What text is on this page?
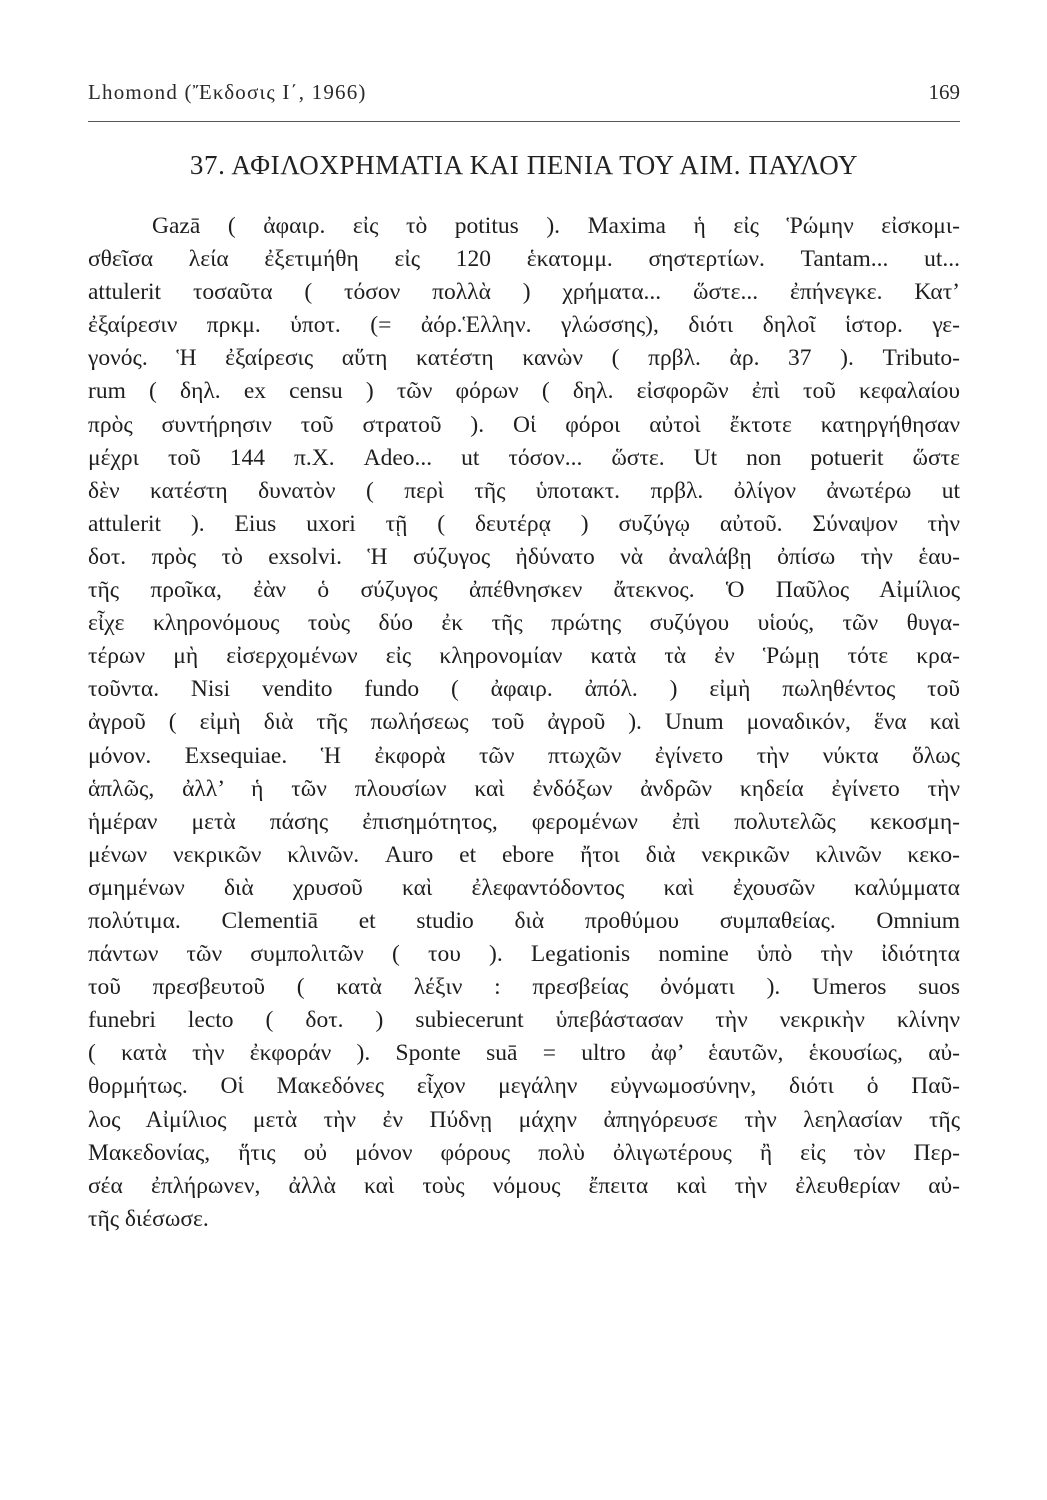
Lhomond (Ἔκδοσις Ι΄, 1966)	169
37. ΑΦΙΛΟΧΡΗΜΑΤΙΑ ΚΑΙ ΠΕΝΙΑ ΤΟΥ ΑΙΜ. ΠΑΥΛΟΥ
Gazā ( ἀφαιρ. εἰς τὸ potitus ). Maxima ἡ εἰς Ῥώμην εἰσκομι-
σθεῖσα λεία ἐξετιμήθη εἰς 120 ἑκατομμ. σηστερτίων. Tantam... ut...
attulerit τοσαῦτα ( τόσον πολλὰ ) χρήματα... ὥστε... ἐπήνεγκε. Κατ’
ἐξαίρεσιν πρκμ. ὑποτ. (= ἀόρ.Ἑλλην. γλώσσης), διότι δηλοῖ ἱστορ. γε-
γονός. Ἡ ἐξαίρεσις αὕτη κατέστη κανὼν ( πρβλ. ἀρ. 37 ). Tributo-
rum ( δηλ. ex censu ) τῶν φόρων ( δηλ. εἰσφορῶν ἐπὶ τοῦ κεφαλαίου
πρὸς συντήρησιν τοῦ στρατοῦ ). Οἱ φόροι αὐτοὶ ἔκτοτε κατηργήθησαν
μέχρι τοῦ 144 π.Χ. Adeo... ut τόσον... ὥστε. Ut non potuerit ὥστε
δὲν κατέστη δυνατὸν ( περὶ τῆς ὑποτακτ. πρβλ. ὀλίγον ἀνωτέρω ut
attulerit ). Eius uxori τῇ ( δευτέρᾳ ) συζύγῳ αὐτοῦ. Σύναψον τὴν
δοτ. πρὸς τὸ exsolvi. Ἡ σύζυγος ἠδύνατο νὰ ἀναλάβῃ ὀπίσω τὴν ἑαυ-
τῆς προῖκα, ἐὰν ὁ σύζυγος ἀπέθνησκεν ἄτεκνος. Ὁ Παῦλος Αἰμίλιος
εἶχε κληρονόμους τοὺς δύο ἐκ τῆς πρώτης συζύγου υἱούς, τῶν θυγα-
τέρων μὴ εἰσερχομένων εἰς κληρονομίαν κατὰ τὰ ἐν Ῥώμῃ τότε κρα-
τοῦντα. Nisi vendito fundo ( ἀφαιρ. ἀπόλ. ) εἰμὴ πωληθέντος τοῦ
ἀγροῦ ( εἰμὴ διὰ τῆς πωλήσεως τοῦ ἀγροῦ ). Unum μοναδικόν, ἕνα καὶ
μόνον. Exsequiae. Ἡ ἐκφορὰ τῶν πτωχῶν ἐγίνετο τὴν νύκτα ὅλως
ἁπλῶς, ἀλλ’ ἡ τῶν πλουσίων καὶ ἐνδόξων ἀνδρῶν κηδεία ἐγίνετο τὴν
ἡμέραν μετὰ πάσης ἐπισημότητος, φερομένων ἐπὶ πολυτελῶς κεκοσμη-
μένων νεκρικῶν κλινῶν. Auro et ebore ἤτοι διὰ νεκρικῶν κλινῶν κεκο-
σμημένων διὰ χρυσοῦ καὶ ἐλεφαντόδοντος καὶ ἐχουσῶν καλύμματα
πολύτιμα. Clementiā et studio διὰ προθύμου συμπαθείας. Omnium
πάντων τῶν συμπολιτῶν ( του ). Legationis nomine ὑπὸ τὴν ἰδιότητα
τοῦ πρεσβευτοῦ ( κατὰ λέξιν : πρεσβείας ὀνόματι ). Umeros suos
funebri lecto ( δοτ. ) subiecerunt ὑπεβάστασαν τὴν νεκρικὴν κλίνην
( κατὰ τὴν ἐκφοράν ). Sponte suā = ultro ἀφ’ ἑαυτῶν, ἑκουσίως, αὐ-
θορμήτως. Οἱ Μακεδόνες εἶχον μεγάλην εὐγνωμοσύνην, διότι ὁ Παῦ-
λος Αἰμίλιος μετὰ τὴν ἐν Πύδνῃ μάχην ἀπηγόρευσε τὴν λεηλασίαν τῆς
Μακεδονίας, ἥτις οὐ μόνον φόρους πολὺ ὀλιγωτέρους ἢ εἰς τὸν Περ-
σέα ἐπλήρωνεν, ἀλλὰ καὶ τοὺς νόμους ἔπειτα καὶ τὴν ἐλευθερίαν αὐ-
τῆς διέσωσε.
